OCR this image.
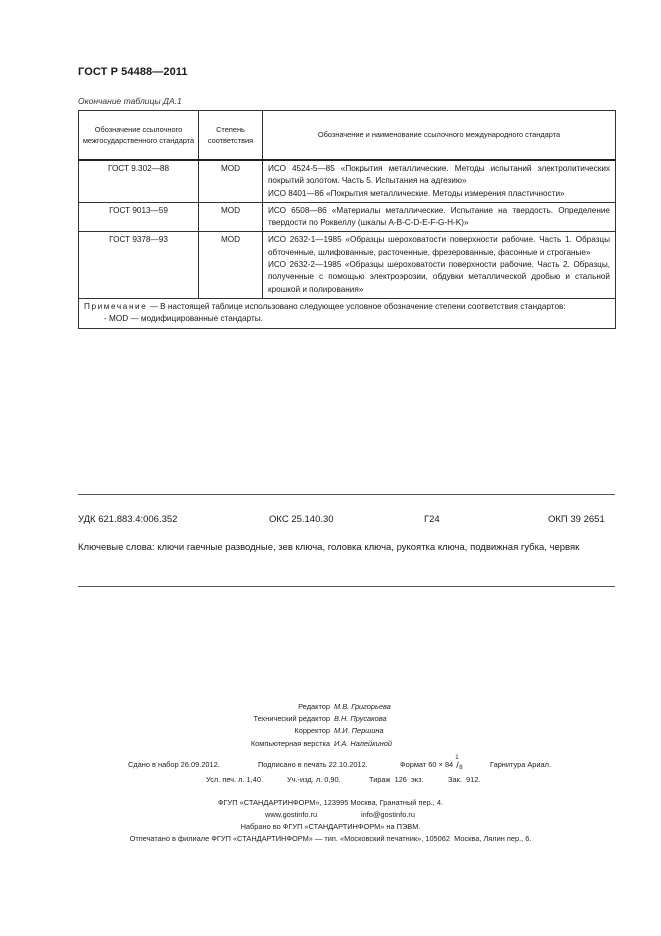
ГОСТ Р 54488—2011
Окончание таблицы ДА.1
Обозначение ссылочного межгосударственного стандарта	Степень соответствия	Обозначение и наименование ссылочного международного стандарта
ГОСТ 9.302—88	MOD	ИСО 4524-5—85 «Покрытия металлические. Методы испытаний электролитических покрытий золотом. Часть 5. Испытания на адгезию»
ИСО 8401—86 «Покрытия металлические. Методы измерения пластичности»

ГОСТ 9013—59	MOD	ИСО 6508—86 «Материалы металлические. Испытание на твердость. Определение твердости по Роквеллу (шкалы A-B-C-D-E-F-G-H-K)»

ГОСТ 9378—93	MOD	ИСО 2632-1—1985 «Образцы шероховатости поверхности рабочие. Часть 1. Образцы обточенные, шлифованные, расточенные, фрезерованные, фасонные и строганые»
ИСО 2632-2—1985 «Образцы шероховатости поверхности рабочие. Часть 2. Образцы, полученные с помощью электроэрозии, обдувки металлической дробью и стальной крошкой и полирования»

Примечание — В настоящей таблице использовано следующее условное обозначение степени соответствия стандартов:
- MOD — модифицированные стандарты.		
УДК 621.883.4:006.352	ОКС 25.140.30	Г24	ОКП 39 2651
Ключевые слова: ключи гаечные разводные, зев ключа, головка ключа, рукоятка ключа, подвижная губка, червяк
Редактор М.В. Григорьева
Технический редактор В.Н. Прусакова
Корректор М.И. Першина
Компьютерная верстка И.А. Налейкиной
Сдано в набор 26.09.2012.	Подписано в печать 22.10.2012.	Формат 60 × 84
1
/ 8	Гарнитура Ариал.
Усл. печ. л. 1,40.	Уч.-изд. л. 0,90.	Тираж  126  экз.	Зак.  912.
ФГУП «СТАНДАРТИНФОРМ», 123995 Москва, Гранатный пер., 4.
www.gostinfo.ru	info@gostinfo.ru
Набрано во ФГУП «СТАНДАРТИНФОРМ» на ПЭВМ.
Отпечатано в филиале ФГУП «СТАНДАРТИНФОРМ» — тип. «Московский печатник», 105062  Москва, Лялин пер., 6.
